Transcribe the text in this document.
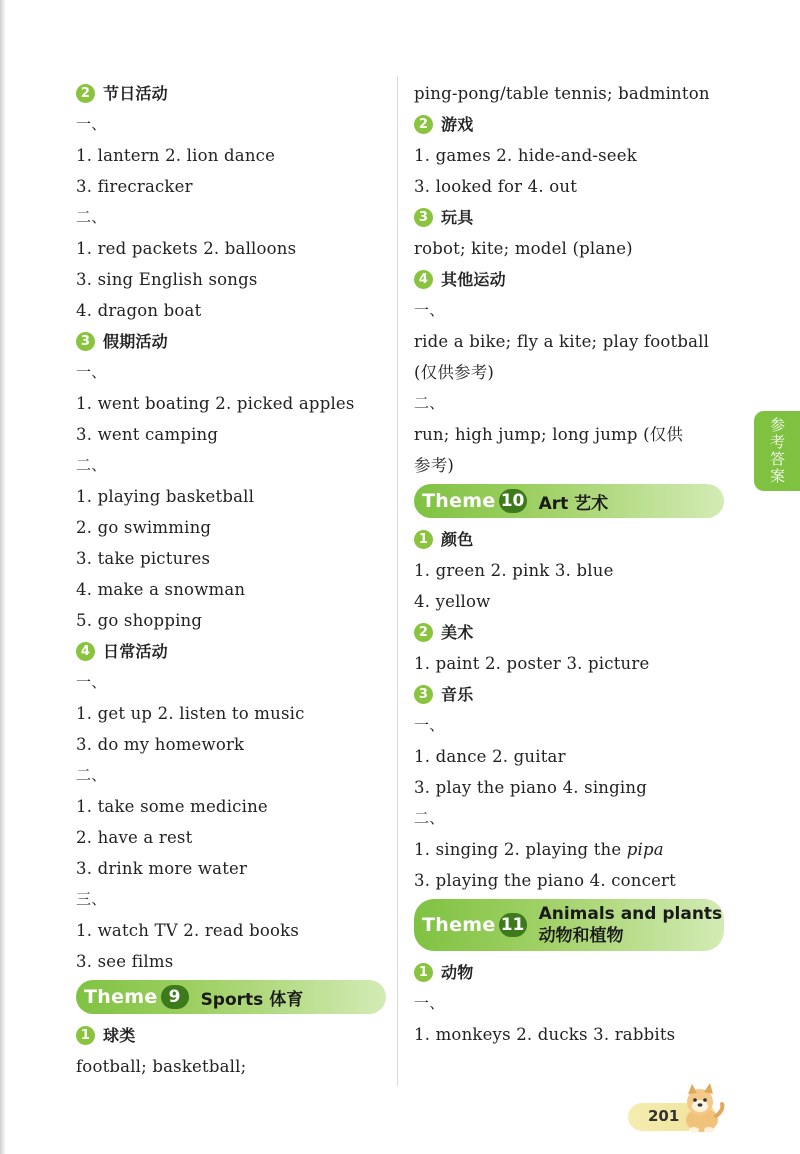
2 节日活动
一、
1. lantern 2. lion dance
3. firecracker
二、
1. red packets 2. balloons
3. sing English songs
4. dragon boat
3 假期活动
一、
1. went boating 2. picked apples
3. went camping
二、
1. playing basketball
2. go swimming
3. take pictures
4. make a snowman
5. go shopping
4 日常活动
一、
1. get up 2. listen to music
3. do my homework
二、
1. take some medicine
2. have a rest
3. drink more water
三、
1. watch TV 2. read books
3. see films
Theme 9	Sports 体育
1 球类
football; basketball;
ping-pong/table tennis; badminton
2 游戏
1. games 2. hide-and-seek
3. looked for 4. out
3 玩具
robot; kite; model (plane)
4 其他运动
一、
ride a bike; fly a kite; play football
(仅供参考)
二、
run; high jump; long jump (仅供
参考)
Theme 10 Art 艺术
1 颜色
1. green 2. pink 3. blue
4. yellow
2 美术
1. paint 2. poster 3. picture
3 音乐
一、
1. dance 2. guitar
3. play the piano 4. singing
二、
1. singing 2. playing the pipa
3. playing the piano 4. concert
Theme 11
Animals and plants
动物和植物
1 动物
一、
1. monkeys 2. ducks 3. rabbits
参考答案
201
